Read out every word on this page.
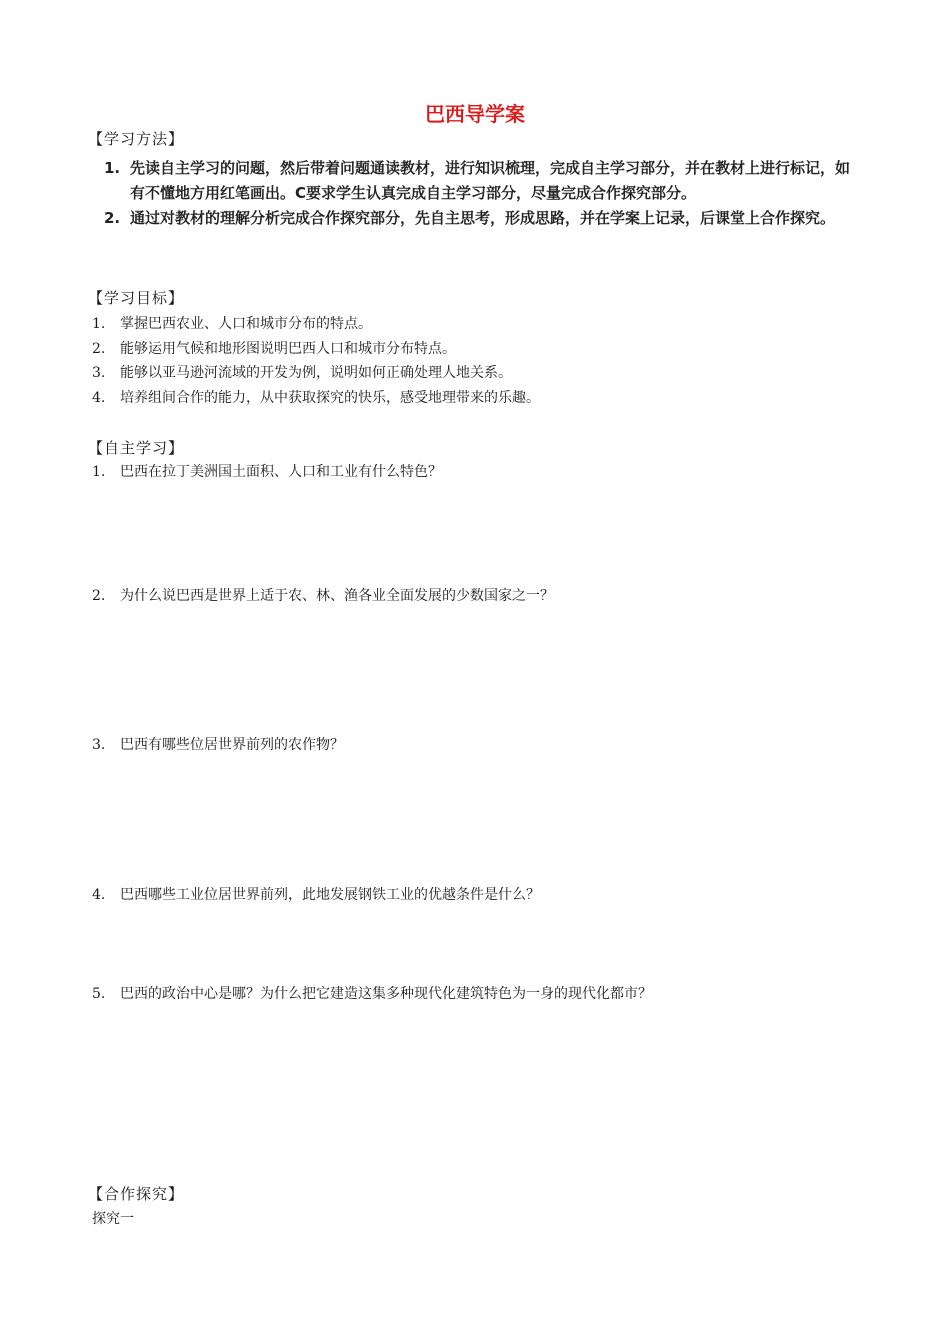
巴西导学案
【学习方法】
1. 先读自主学习的问题，然后带着问题通读教材，进行知识梳理，完成自主学习部分，并在教材上进行标记，如有不懂地方用红笔画出。C要求学生认真完成自主学习部分，尽量完成合作探究部分。
2. 通过对教材的理解分析完成合作探究部分，先自主思考，形成思路，并在学案上记录，后课堂上合作探究。
【学习目标】
1. 掌握巴西农业、人口和城市分布的特点。
2. 能够运用气候和地形图说明巴西人口和城市分布特点。
3. 能够以亚马逊河流域的开发为例，说明如何正确处理人地关系。
4. 培养组间合作的能力，从中获取探究的快乐，感受地理带来的乐趣。
【自主学习】
1. 巴西在拉丁美洲国土面积、人口和工业有什么特色？
2. 为什么说巴西是世界上适于农、林、渔各业全面发展的少数国家之一？
3. 巴西有哪些位居世界前列的农作物？
4. 巴西哪些工业位居世界前列，此地发展钢铁工业的优越条件是什么？
5. 巴西的政治中心是哪？为什么把它建造这集多种现代化建筑特色为一身的现代化都市？
【合作探究】
探究一
